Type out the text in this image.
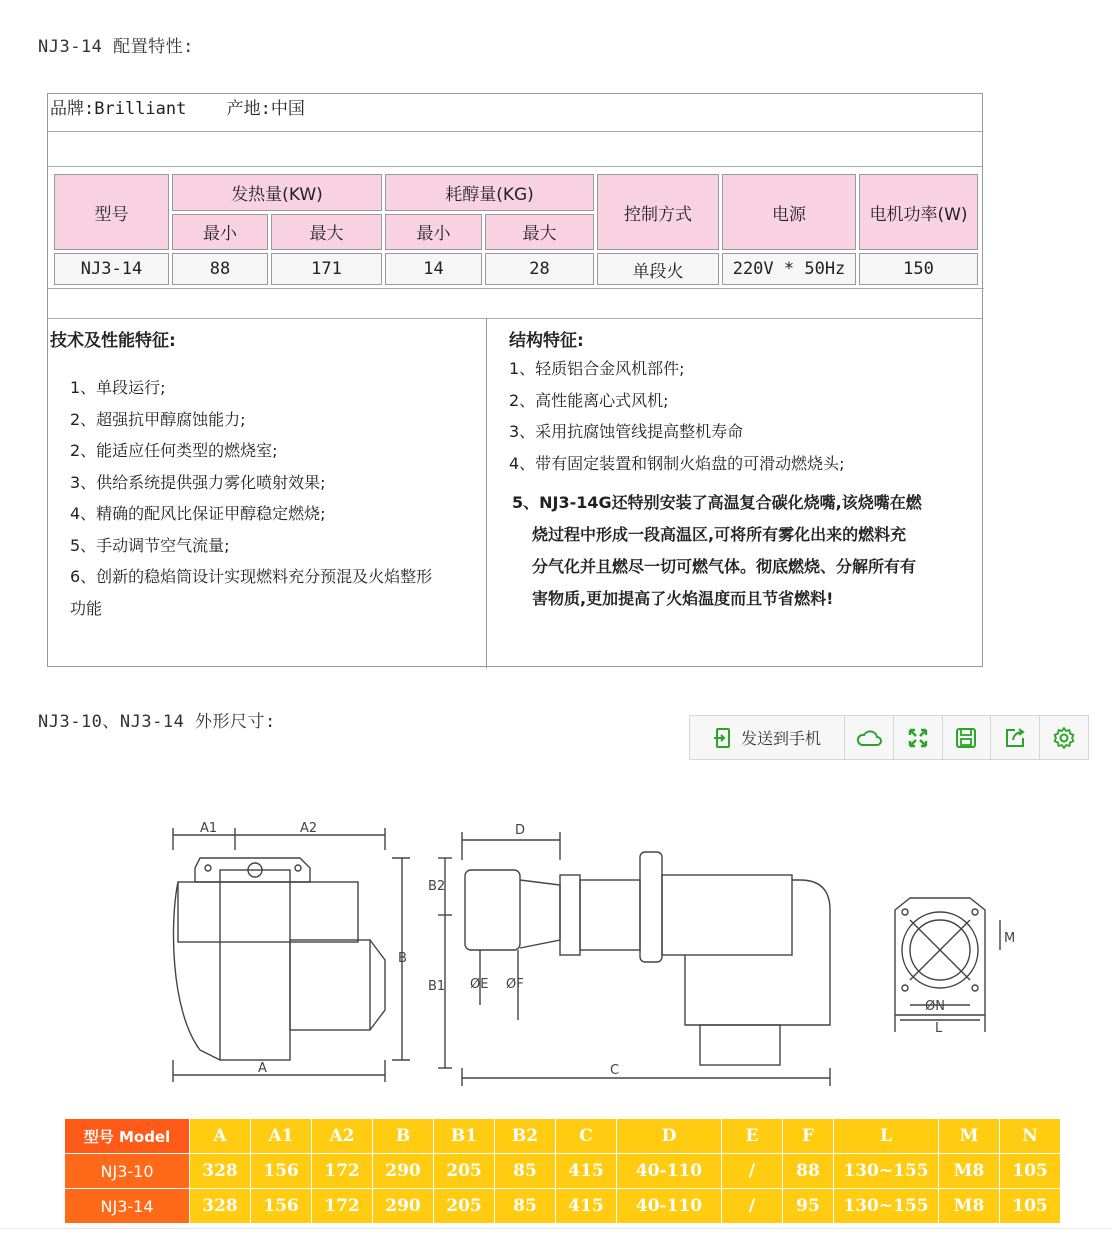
NJ3-14 配置特性:
品牌:Brilliant 产地:中国
型号	发热量(KW)		耗醇量(KG)		控制方式	电源	电机功率(W)
	最小	最大	最小	最大			
NJ3-14	88	171	14	28	单段火	220V * 50Hz	150
技术及性能特征:
1、单段运行;
2、超强抗甲醇腐蚀能力;
2、能适应任何类型的燃烧室;
3、供给系统提供强力雾化喷射效果;
4、精确的配风比保证甲醇稳定燃烧;
5、手动调节空气流量;
6、创新的稳焰筒设计实现燃料充分预混及火焰整形
功能
结构特征:
1、轻质铝合金风机部件;
2、高性能离心式风机;
3、采用抗腐蚀管线提高整机寿命
4、带有固定装置和钢制火焰盘的可滑动燃烧头;
5、NJ3-14G还特别安装了高温复合碳化烧嘴,该烧嘴在燃
烧过程中形成一段高温区,可将所有雾化出来的燃料充
分气化并且燃尽一切可燃气体。彻底燃烧、分解所有有
害物质,更加提高了火焰温度而且节省燃料!
NJ3-10、NJ3-14 外形尺寸:
发送到手机
A1	A2
A
B
D
B2
B1
C
ØE ØF
ØN
L
M
型号 Model	A	A1	A2	B	B1	B2	C	D	E	F	L	M	N
NJ3-10	328	156	172	290	205	85	415	40-110	/	88	130~155	M8	105
NJ3-14	328	156	172	290	205	85	415	40-110	/	95	130~155	M8	105
